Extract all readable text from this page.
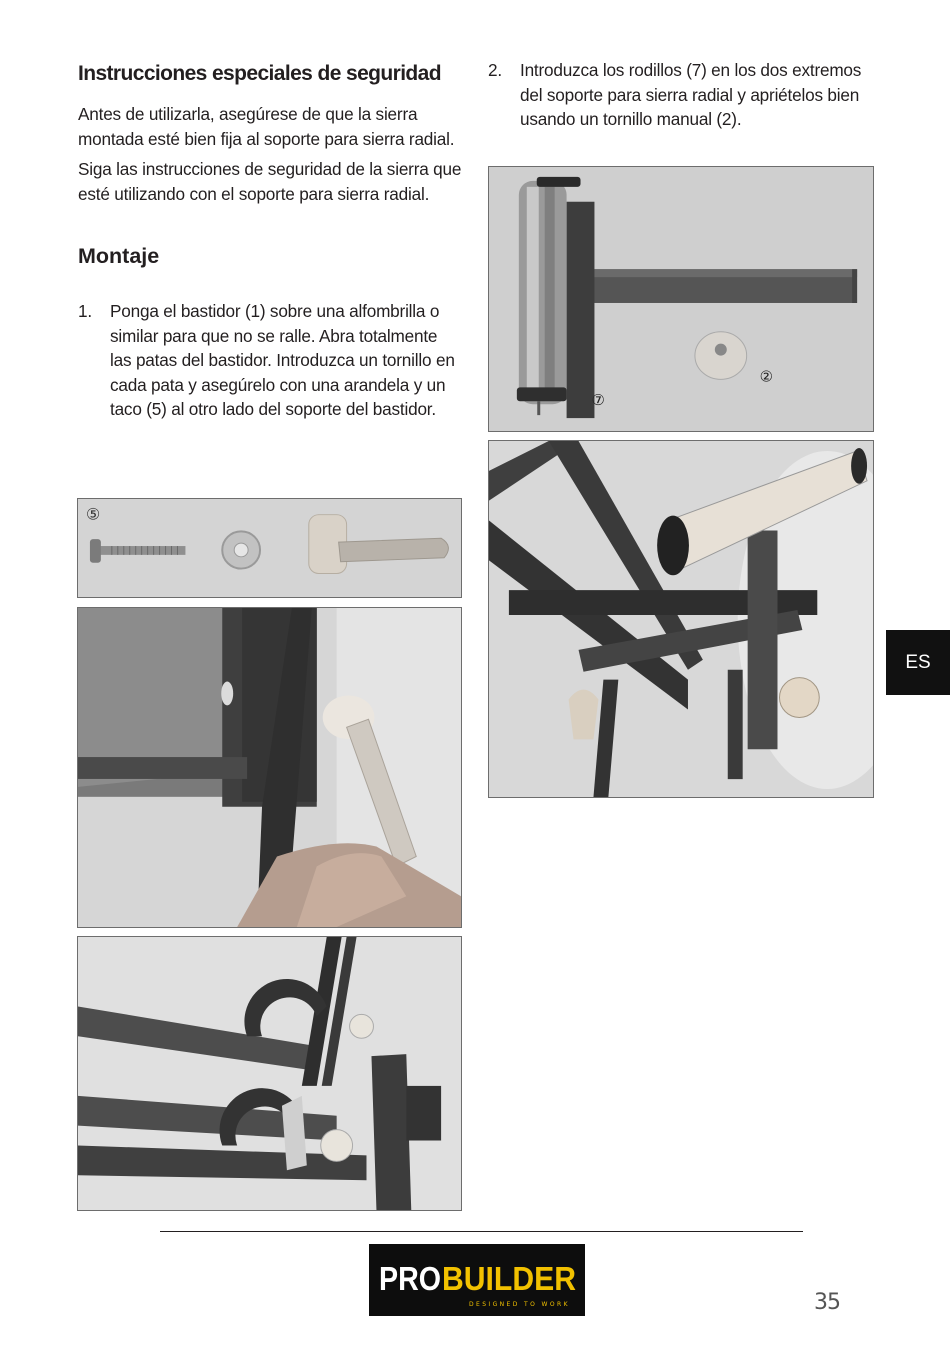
Instrucciones especiales de seguridad

Antes de utilizarla, asegúrese de que la sierra montada esté bien fija al soporte para sierra radial.

Siga las instrucciones de seguridad de la sierra que esté utilizando con el soporte para sierra radial.

Montaje
1.	Ponga el bastidor (1) sobre una alfombrilla o similar para que no se ralle. Abra totalmente las patas del bastidor. Introduzca un tornillo en cada pata y asegúrelo con una arandela y un taco (5) al otro lado del soporte del bastidor.
2.	Introduzca los rodillos (7) en los dos extremos del soporte para sierra radial y apriételos bien usando un tornillo manual (2).
⑤
②
⑦
ES
PRO BUILDER
DESIGNED TO WORK	35
